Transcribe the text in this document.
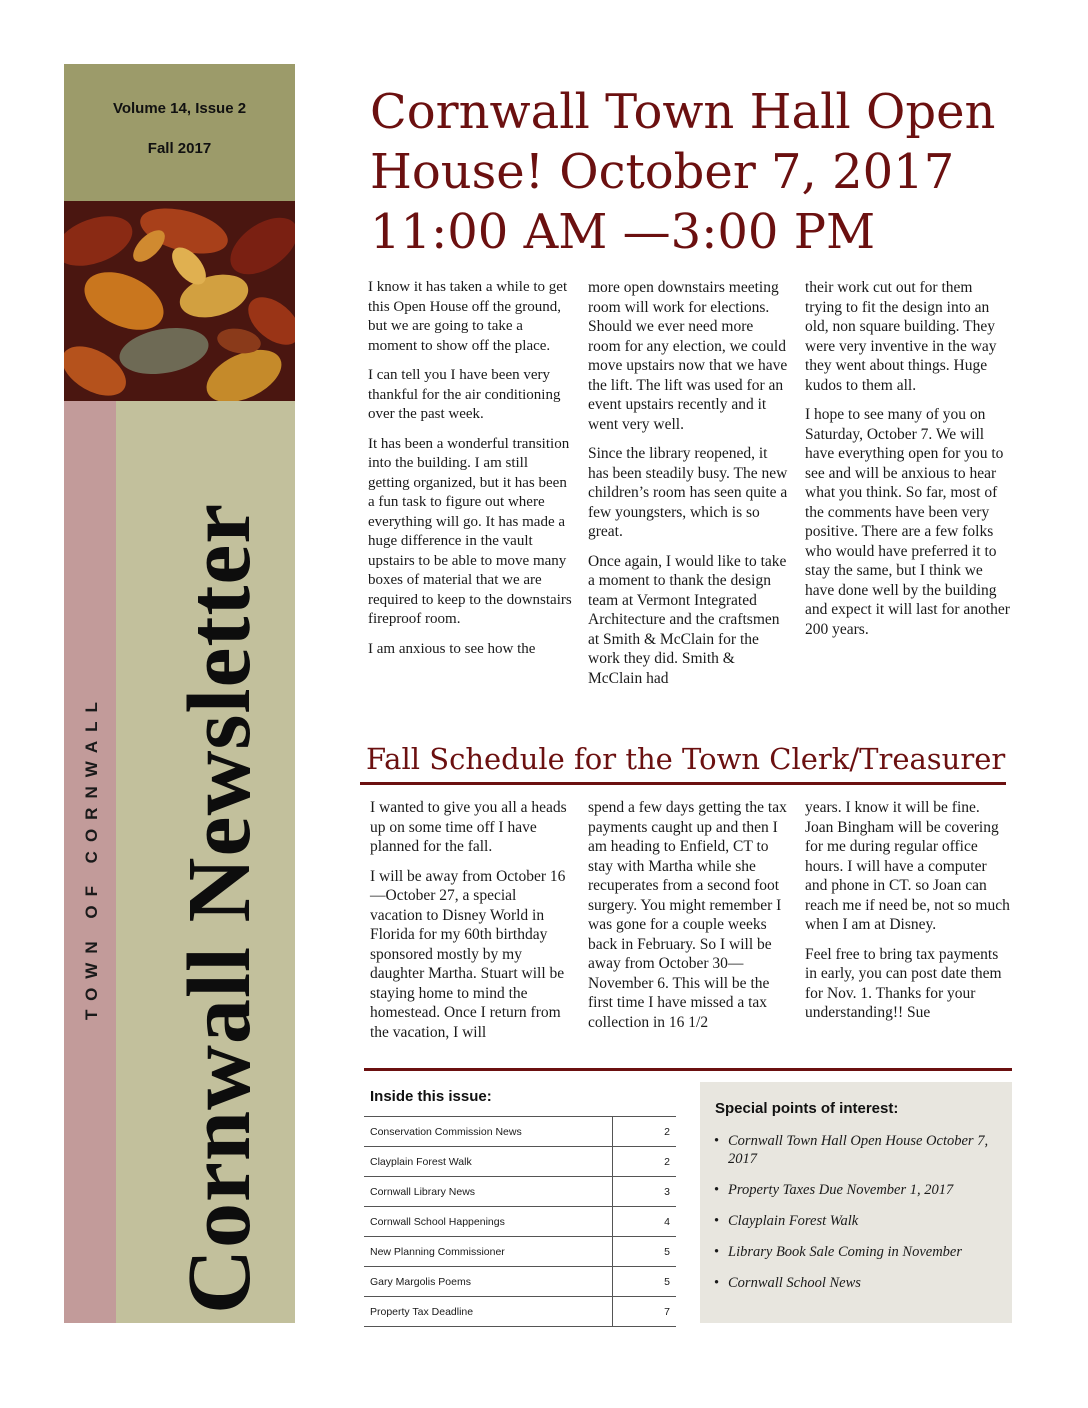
Volume 14, Issue 2
Fall 2017
TOWN OF CORNWALL Cornwall Newsletter
Cornwall Town Hall Open House! October 7, 2017 11:00 AM —3:00 PM

I know it has taken a while to get this Open House off the ground, but we are going to take a moment to show off the place.

I can tell you I have been very thankful for the air conditioning over the past week.

It has been a wonderful transition into the building. I am still getting organized, but it has been a fun task to figure out where everything will go. It has made a huge difference in the vault upstairs to be able to move many boxes of material that we are required to keep to the downstairs fireproof room.

I am anxious to see how the

more open downstairs meeting room will work for elections. Should we ever need more room for any election, we could move upstairs now that we have the lift. The lift was used for an event upstairs recently and it went very well.

Since the library reopened, it has been steadily busy. The new children’s room has seen quite a few youngsters, which is so great.

Once again, I would like to take a moment to thank the design team at Vermont Integrated Architecture and the craftsmen at Smith & McClain for the work they did. Smith & McClain had

their work cut out for them trying to fit the design into an old, non square building. They were very inventive in the way they went about things. Huge kudos to them all.

I hope to see many of you on Saturday, October 7. We will have everything open for you to see and will be anxious to hear what you think. So far, most of the comments have been very positive. There are a few folks who would have preferred it to stay the same, but I think we have done well by the building and expect it will last for another 200 years.

Fall Schedule for the Town Clerk/Treasurer

I wanted to give you all a heads up on some time off I have planned for the fall.

I will be away from October 16—October 27, a special vacation to Disney World in Florida for my 60th birthday sponsored mostly by my daughter Martha. Stuart will be staying home to mind the homestead. Once I return from the vacation, I will

spend a few days getting the tax payments caught up and then I am heading to Enfield, CT to stay with Martha while she recuperates from a second foot surgery. You might remember I was gone for a couple weeks back in February. So I will be away from October 30—November 6. This will be the first time I have missed a tax collection in 16 1/2

years. I know it will be fine. Joan Bingham will be covering for me during regular office hours. I will have a computer and phone in CT. so Joan can reach me if need be, not so much when I am at Disney.

Feel free to bring tax payments in early, you can post date them for Nov. 1. Thanks for your understanding!! Sue

Inside this issue:
Conservation Commission News	2
Clayplain Forest Walk	2
Cornwall Library News	3
Cornwall School Happenings	4
New Planning Commissioner	5
Gary Margolis Poems	5
Property Tax Deadline	7
Special points of interest:
• Cornwall Town Hall Open House October 7, 2017
• Property Taxes Due November 1, 2017
• Clayplain Forest Walk
• Library Book Sale Coming in November
• Cornwall School News
